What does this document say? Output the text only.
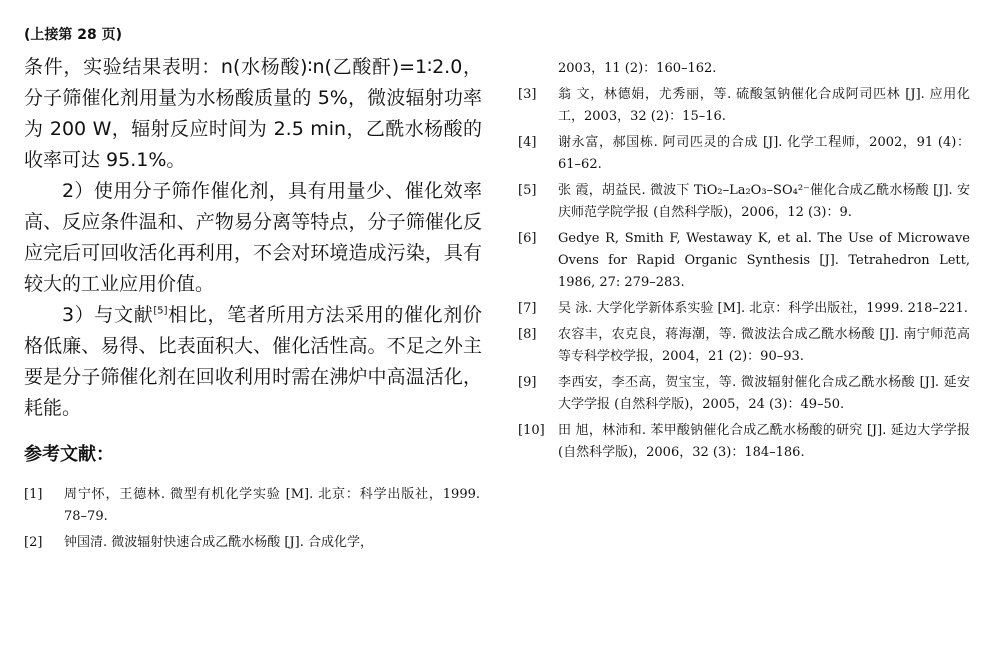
(上接第 28 页)

条件，实验结果表明：n(水杨酸)∶n(乙酸酐)=1∶2.0，分子筛催化剂用量为水杨酸质量的 5%，微波辐射功率为 200 W，辐射反应时间为 2.5 min，乙酰水杨酸的收率可达 95.1%。

2）使用分子筛作催化剂，具有用量少、催化效率高、反应条件温和、产物易分离等特点，分子筛催化反应完后可回收活化再利用，不会对环境造成污染，具有较大的工业应用价值。

3）与文献[5]相比，笔者所用方法采用的催化剂价格低廉、易得、比表面积大、催化活性高。不足之外主要是分子筛催化剂在回收利用时需在沸炉中高温活化，耗能。

参考文献：
[1]	周宁怀，王德林. 微型有机化学实验 [M]. 北京：科学出版社，1999. 78–79.
[2]	钟国清. 微波辐射快速合成乙酰水杨酸 [J]. 合成化学，
2003，11 (2)：160–162.
[3]	翁 文，林德娟，尤秀丽，等. 硫酸氢钠催化合成阿司匹林 [J]. 应用化工，2003，32 (2)：15–16.
[4]	谢永富，郝国栋. 阿司匹灵的合成 [J]. 化学工程师，2002，91 (4)：61–62.
[5]	张 霞，胡益民. 微波下 TiO₂–La₂O₃–SO₄²⁻催化合成乙酰水杨酸 [J]. 安庆师范学院学报 (自然科学版)，2006，12 (3)：9.
[6]	Gedye R, Smith F, Westaway K, et al. The Use of Microwave Ovens for Rapid Organic Synthesis [J]. Tetrahedron Lett, 1986, 27: 279–283.
[7]	吴 泳. 大学化学新体系实验 [M]. 北京：科学出版社，1999. 218–221.
[8]	农容丰，农克良，蒋海潮，等. 微波法合成乙酰水杨酸 [J]. 南宁师范高等专科学校学报，2004，21 (2)：90–93.
[9]	李西安，李丕高，贺宝宝，等. 微波辐射催化合成乙酰水杨酸 [J]. 延安大学学报 (自然科学版)，2005，24 (3)：49–50.
[10]	田 旭，林沛和. 苯甲酸钠催化合成乙酰水杨酸的研究 [J]. 延边大学学报 (自然科学版)，2006，32 (3)：184–186.
